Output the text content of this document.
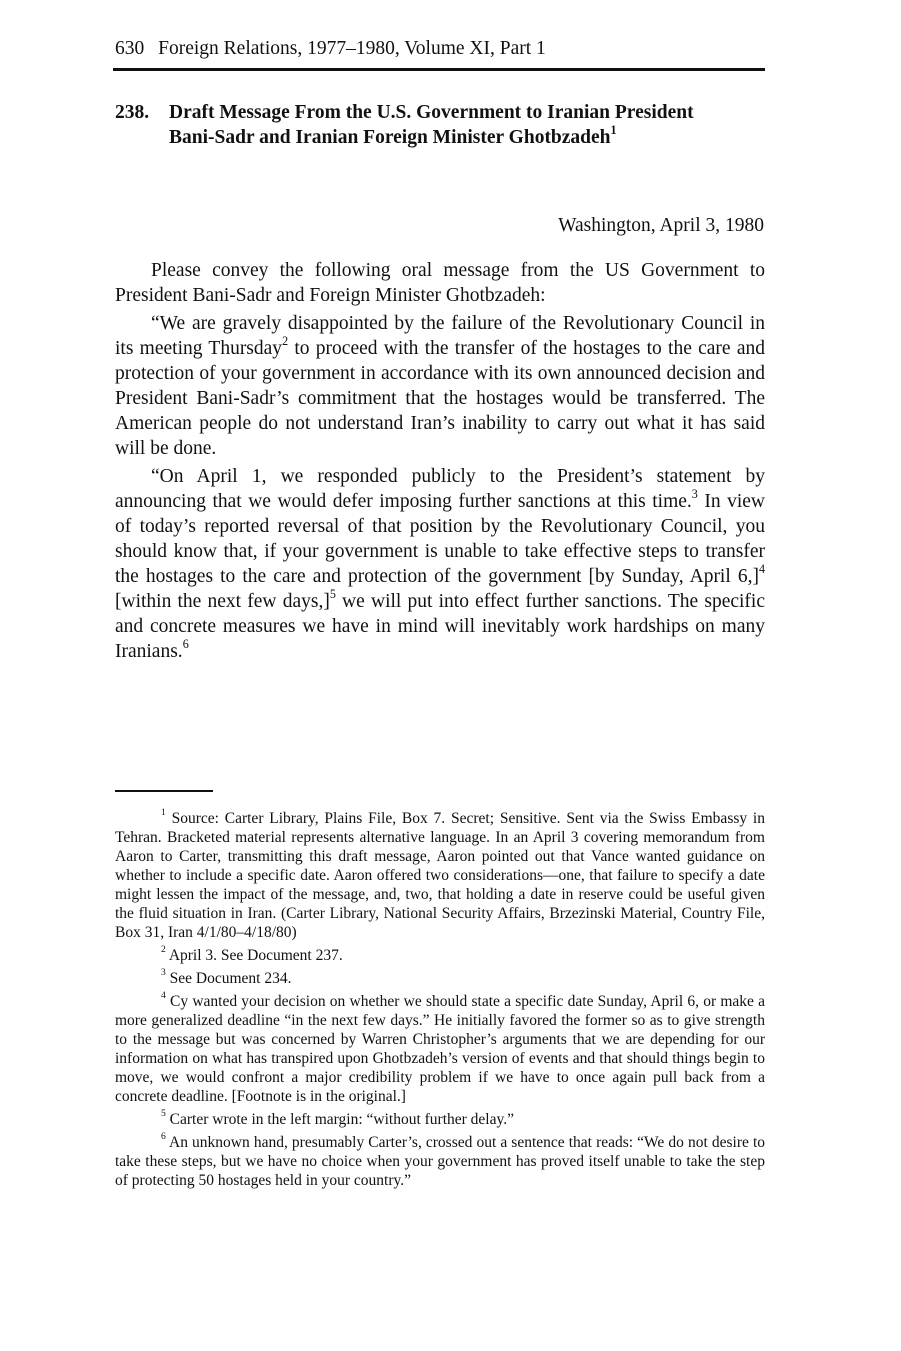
630 Foreign Relations, 1977–1980, Volume XI, Part 1
238. Draft Message From the U.S. Government to Iranian President Bani-Sadr and Iranian Foreign Minister Ghotbzadeh$^1$
Washington, April 3, 1980

Please convey the following oral message from the US Government to President Bani-Sadr and Foreign Minister Ghotbzadeh:

“We are gravely disappointed by the failure of the Revolutionary Council in its meeting Thursday$^2$ to proceed with the transfer of the hostages to the care and protection of your government in accordance with its own announced decision and President Bani-Sadr’s commitment that the hostages would be transferred. The American people do not understand Iran’s inability to carry out what it has said will be done.

“On April 1, we responded publicly to the President’s statement by announcing that we would defer imposing further sanctions at this time.$^3$ In view of today’s reported reversal of that position by the Revolutionary Council, you should know that, if your government is unable to take effective steps to transfer the hostages to the care and protection of the government [by Sunday, April 6,]$^4$ [within the next few days,]$^5$ we will put into effect further sanctions. The specific and concrete measures we have in mind will inevitably work hardships on many Iranians.$^6$

$^1$ Source: Carter Library, Plains File, Box 7. Secret; Sensitive. Sent via the Swiss Embassy in Tehran. Bracketed material represents alternative language. In an April 3 covering memorandum from Aaron to Carter, transmitting this draft message, Aaron pointed out that Vance wanted guidance on whether to include a specific date. Aaron offered two considerations—one, that failure to specify a date might lessen the impact of the message, and, two, that holding a date in reserve could be useful given the fluid situation in Iran. (Carter Library, National Security Affairs, Brzezinski Material, Country File, Box 31, Iran 4/1/80–4/18/80)

$^2$ April 3. See Document 237.

$^3$ See Document 234.

$^4$ Cy wanted your decision on whether we should state a specific date Sunday, April 6, or make a more generalized deadline “in the next few days.” He initially favored the former so as to give strength to the message but was concerned by Warren Christopher’s arguments that we are depending for our information on what has transpired upon Ghotbzadeh’s version of events and that should things begin to move, we would confront a major credibility problem if we have to once again pull back from a concrete deadline. [Footnote is in the original.]

$^5$ Carter wrote in the left margin: “without further delay.”

$^6$ An unknown hand, presumably Carter’s, crossed out a sentence that reads: “We do not desire to take these steps, but we have no choice when your government has proved itself unable to take the step of protecting 50 hostages held in your country.”
